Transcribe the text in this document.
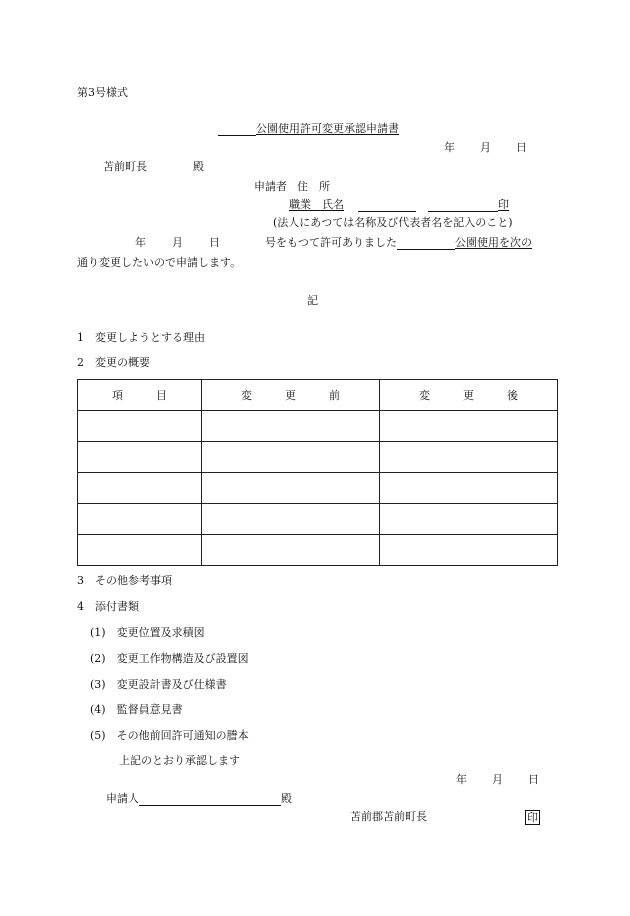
第3号様式
公園使用許可変更承認申請書
年 月 日
苫前町長	殿
申請者 住　所
職業　氏名	印
(法人にあつては名称及び代表者名を記入のこと)
年 月 日	号をもつて許可ありました	公園使用を次の
通り変更したいので申請します。
記
1　変更しようとする理由
2　変更の概要
項　　　目	変　　　更　　　前	変　　　更　　　後

3　その他参考事項
4　添付書類
(1)　変更位置及求積図
(2)　変更工作物構造及び設置図
(3)　変更設計書及び仕様書
(4)　監督員意見書
(5)　その他前回許可通知の謄本
上記のとおり承認します
年 月 日
申請人	殿
苫前郡苫前町長	印
